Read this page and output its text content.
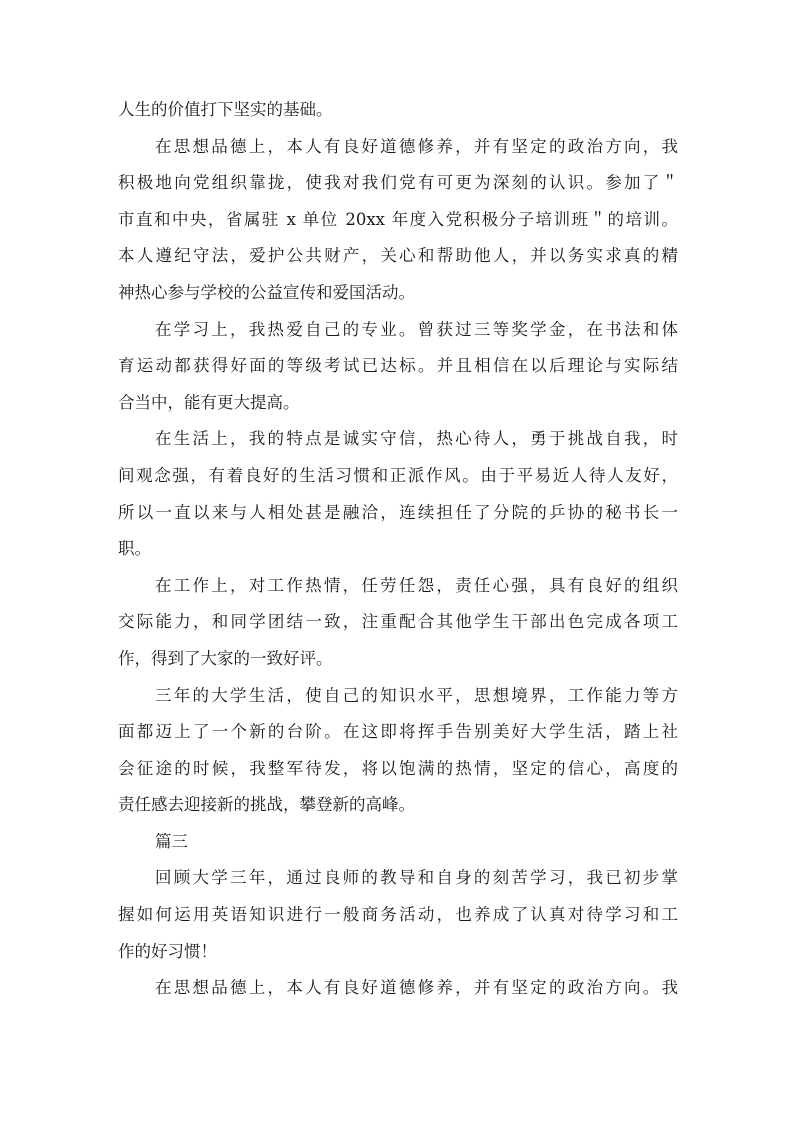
人生的价值打下坚实的基础。
在思想品德上，本人有良好道德修养，并有坚定的政治方向，我
积极地向党组织靠拢，使我对我们党有可更为深刻的认识。参加了＂
市直和中央，省属驻 x 单位 20xx 年度入党积极分子培训班＂的培训。
本人遵纪守法，爱护公共财产，关心和帮助他人，并以务实求真的精
神热心参与学校的公益宣传和爱国活动。
在学习上，我热爱自己的专业。曾获过三等奖学金，在书法和体
育运动都获得好面的等级考试已达标。并且相信在以后理论与实际结
合当中，能有更大提高。
在生活上，我的特点是诚实守信，热心待人，勇于挑战自我，时
间观念强，有着良好的生活习惯和正派作风。由于平易近人待人友好，
所以一直以来与人相处甚是融洽，连续担任了分院的乒协的秘书长一
职。
在工作上，对工作热情，任劳任怨，责任心强，具有良好的组织
交际能力，和同学团结一致，注重配合其他学生干部出色完成各项工
作，得到了大家的一致好评。
三年的大学生活，使自己的知识水平，思想境界，工作能力等方
面都迈上了一个新的台阶。在这即将挥手告别美好大学生活，踏上社
会征途的时候，我整军待发，将以饱满的热情，坚定的信心，高度的
责任感去迎接新的挑战，攀登新的高峰。
篇三
回顾大学三年，通过良师的教导和自身的刻苦学习，我已初步掌
握如何运用英语知识进行一般商务活动，也养成了认真对待学习和工
作的好习惯！
在思想品德上，本人有良好道德修养，并有坚定的政治方向。我
